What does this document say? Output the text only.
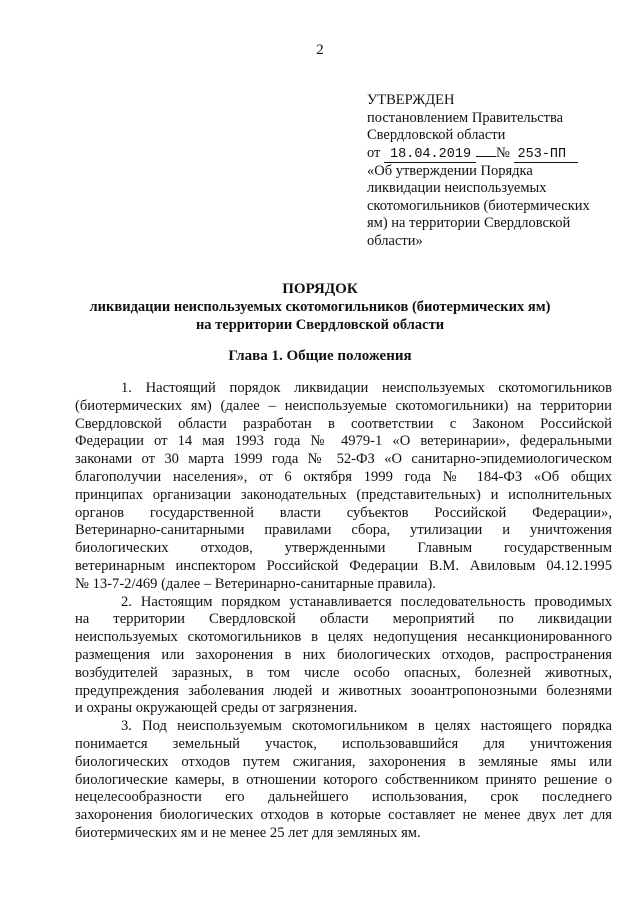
2
УТВЕРЖДЕН
постановлением Правительства
Свердловской области
от 18.04.2019 № 253-ПП
«Об утверждении Порядка
ликвидации неиспользуемых
скотомогильников (биотермических
ям) на территории Свердловской
области»
ПОРЯДОК
ликвидации неиспользуемых скотомогильников (биотермических ям)
на территории Свердловской области
Глава 1. Общие положения
1. Настоящий порядок ликвидации неиспользуемых скотомогильников
(биотермических ям) (далее – неиспользуемые скотомогильники) на территории
Свердловской области разработан в соответствии с Законом Российской
Федерации от 14 мая 1993 года № 4979-1 «О ветеринарии», федеральными
законами от 30 марта 1999 года № 52-ФЗ «О санитарно-эпидемиологическом
благополучии населения», от 6 октября 1999 года № 184-ФЗ «Об общих
принципах организации законодательных (представительных) и исполнительных
органов государственной власти субъектов Российской Федерации»,
Ветеринарно-санитарными правилами сбора, утилизации и уничтожения
биологических отходов, утвержденными Главным государственным
ветеринарным инспектором Российской Федерации В.М. Авиловым 04.12.1995
№ 13-7-2/469 (далее – Ветеринарно-санитарные правила).
2. Настоящим порядком устанавливается последовательность проводимых
на территории Свердловской области мероприятий по ликвидации
неиспользуемых скотомогильников в целях недопущения несанкционированного
размещения или захоронения в них биологических отходов, распространения
возбудителей заразных, в том числе особо опасных, болезней животных,
предупреждения заболевания людей и животных зооантропонозными болезнями
и охраны окружающей среды от загрязнения.
3. Под неиспользуемым скотомогильником в целях настоящего порядка
понимается земельный участок, использовавшийся для уничтожения
биологических отходов путем сжигания, захоронения в земляные ямы или
биологические камеры, в отношении которого собственником принято решение о
нецелесообразности его дальнейшего использования, срок последнего
захоронения биологических отходов в которые составляет не менее двух лет для
биотермических ям и не менее 25 лет для земляных ям.
